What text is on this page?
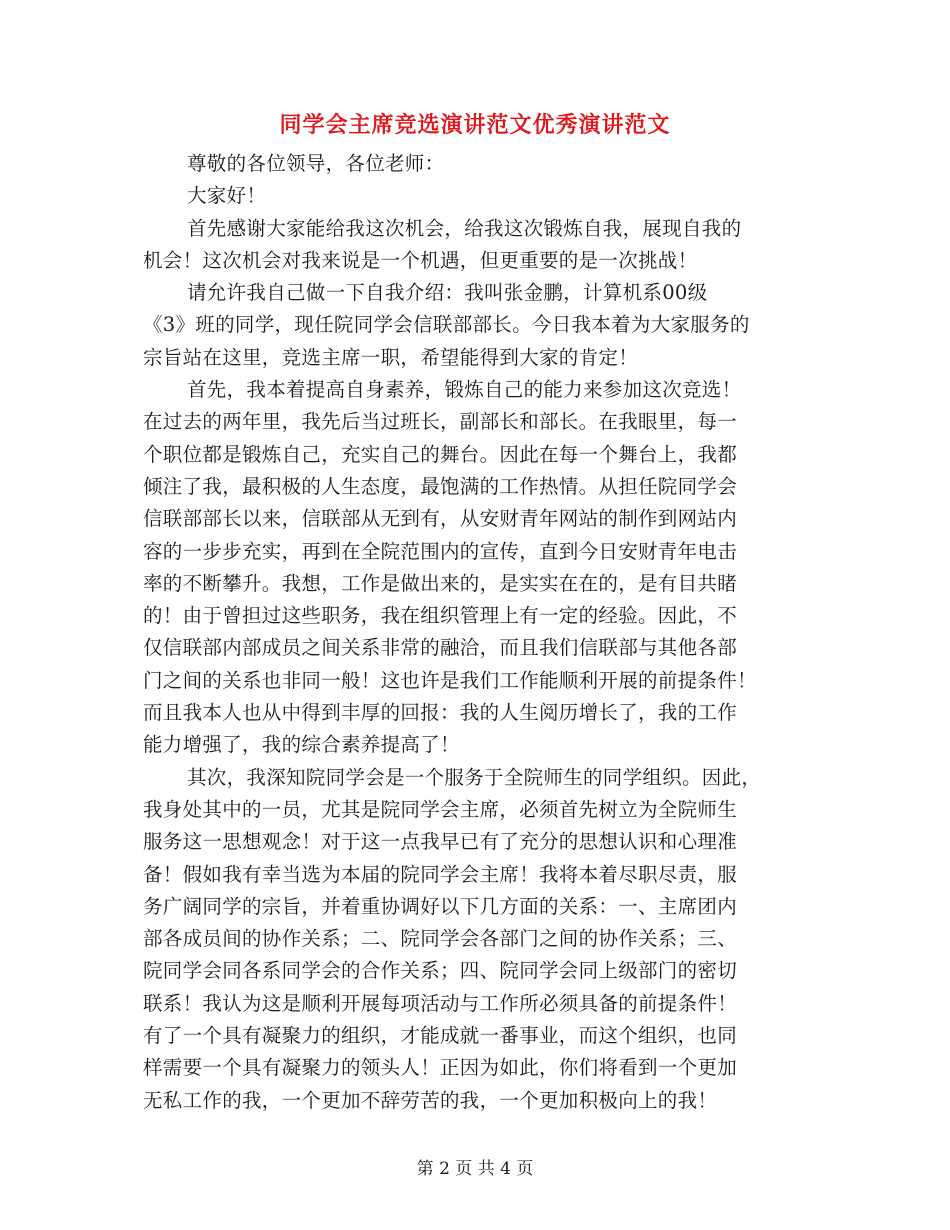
同学会主席竞选演讲范文优秀演讲范文
尊敬的各位领导，各位老师：
大家好！
首先感谢大家能给我这次机会，给我这次锻炼自我，展现自我的
机会！这次机会对我来说是一个机遇，但更重要的是一次挑战！
请允许我自己做一下自我介绍：我叫张金鹏，计算机系00级
《3》班的同学，现任院同学会信联部部长。今日我本着为大家服务的
宗旨站在这里，竞选主席一职，希望能得到大家的肯定！
首先，我本着提高自身素养，锻炼自己的能力来参加这次竞选！
在过去的两年里，我先后当过班长，副部长和部长。在我眼里，每一
个职位都是锻炼自己，充实自己的舞台。因此在每一个舞台上，我都
倾注了我，最积极的人生态度，最饱满的工作热情。从担任院同学会
信联部部长以来，信联部从无到有，从安财青年网站的制作到网站内
容的一步步充实，再到在全院范围内的宣传，直到今日安财青年电击
率的不断攀升。我想，工作是做出来的，是实实在在的，是有目共睹
的！由于曾担过这些职务，我在组织管理上有一定的经验。因此，不
仅信联部内部成员之间关系非常的融洽，而且我们信联部与其他各部
门之间的关系也非同一般！这也许是我们工作能顺利开展的前提条件！
而且我本人也从中得到丰厚的回报：我的人生阅历增长了，我的工作
能力增强了，我的综合素养提高了！
其次，我深知院同学会是一个服务于全院师生的同学组织。因此，
我身处其中的一员，尤其是院同学会主席，必须首先树立为全院师生
服务这一思想观念！对于这一点我早已有了充分的思想认识和心理准
备！假如我有幸当选为本届的院同学会主席！我将本着尽职尽责，服
务广阔同学的宗旨，并着重协调好以下几方面的关系：一、主席团内
部各成员间的协作关系；二、院同学会各部门之间的协作关系；三、
院同学会同各系同学会的合作关系；四、院同学会同上级部门的密切
联系！我认为这是顺利开展每项活动与工作所必须具备的前提条件！
有了一个具有凝聚力的组织，才能成就一番事业，而这个组织，也同
样需要一个具有凝聚力的领头人！正因为如此，你们将看到一个更加
无私工作的我，一个更加不辞劳苦的我，一个更加积极向上的我！
第 2 页 共 4 页
